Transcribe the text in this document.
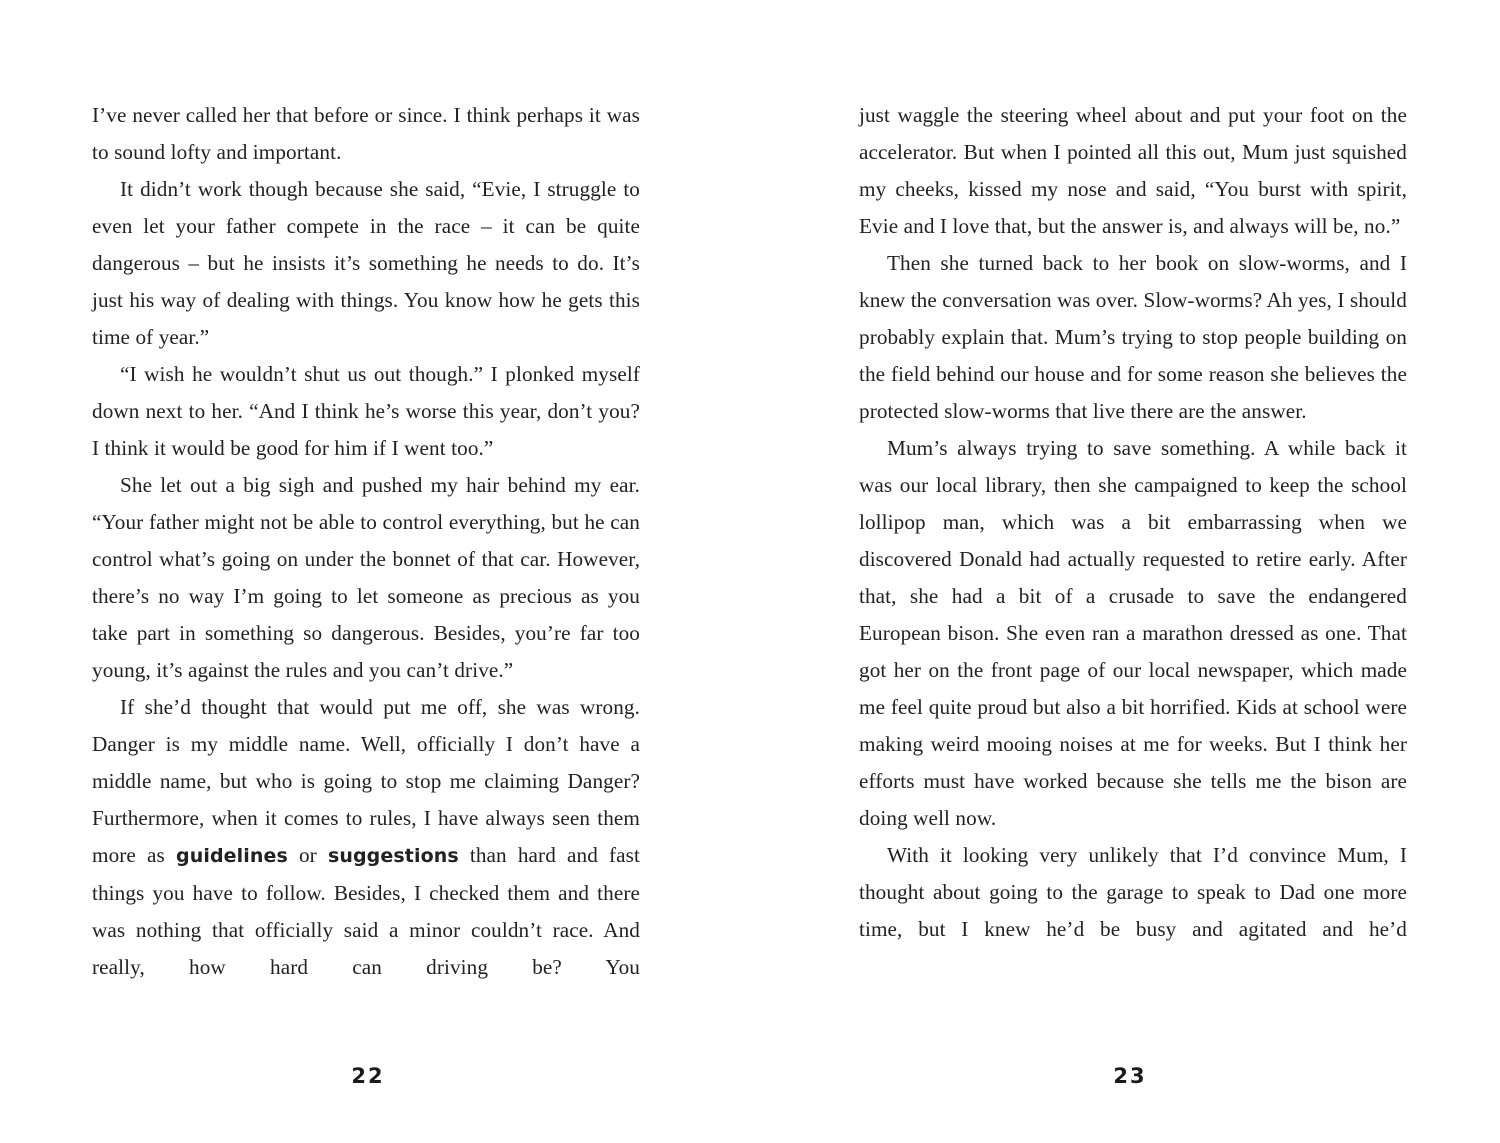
I’ve never called her that before or since. I think perhaps it was to sound lofty and important.

It didn’t work though because she said, “Evie, I struggle to even let your father compete in the race – it can be quite dangerous – but he insists it’s something he needs to do. It’s just his way of dealing with things. You know how he gets this time of year.”

“I wish he wouldn’t shut us out though.” I plonked myself down next to her. “And I think he’s worse this year, don’t you? I think it would be good for him if I went too.”

She let out a big sigh and pushed my hair behind my ear. “Your father might not be able to control everything, but he can control what’s going on under the bonnet of that car. However, there’s no way I’m going to let someone as precious as you take part in something so dangerous. Besides, you’re far too young, it’s against the rules and you can’t drive.”

If she’d thought that would put me off, she was wrong. Danger is my middle name. Well, officially I don’t have a middle name, but who is going to stop me claiming Danger? Furthermore, when it comes to rules, I have always seen them more as guidelines or suggestions than hard and fast things you have to follow. Besides, I checked them and there was nothing that officially said a minor couldn’t race. And really, how hard can driving be? You

22

just waggle the steering wheel about and put your foot on the accelerator. But when I pointed all this out, Mum just squished my cheeks, kissed my nose and said, “You burst with spirit, Evie and I love that, but the answer is, and always will be, no.”

Then she turned back to her book on slow-worms, and I knew the conversation was over. Slow-worms? Ah yes, I should probably explain that. Mum’s trying to stop people building on the field behind our house and for some reason she believes the protected slow-worms that live there are the answer.

Mum’s always trying to save something. A while back it was our local library, then she campaigned to keep the school lollipop man, which was a bit embarrassing when we discovered Donald had actually requested to retire early. After that, she had a bit of a crusade to save the endangered European bison. She even ran a marathon dressed as one. That got her on the front page of our local newspaper, which made me feel quite proud but also a bit horrified. Kids at school were making weird mooing noises at me for weeks. But I think her efforts must have worked because she tells me the bison are doing well now.

With it looking very unlikely that I’d convince Mum, I thought about going to the garage to speak to Dad one more time, but I knew he’d be busy and agitated and he’d

23
